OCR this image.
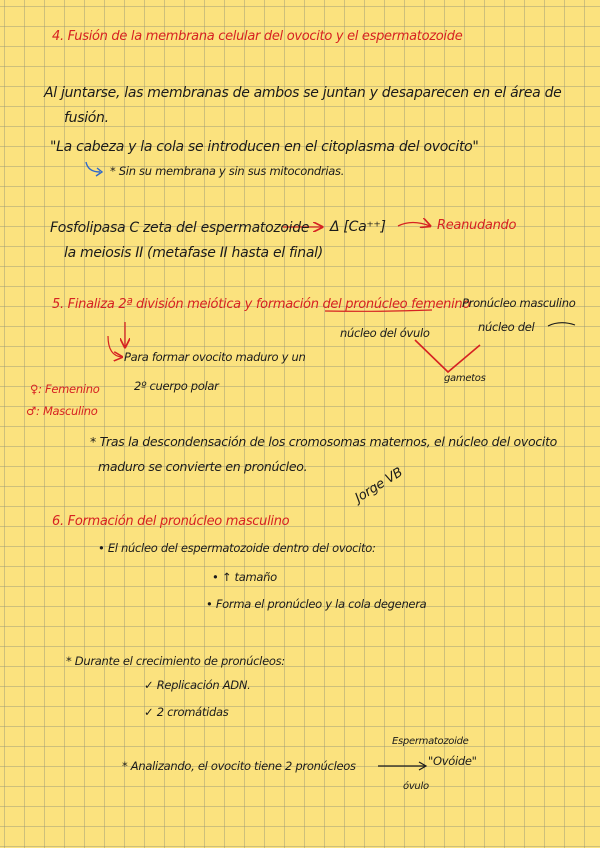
4. Fusión de la membrana celular del ovocito y el espermatozoide
Al juntarse, las membranas de ambos se juntan y desaparecen en el área de
fusión.
"La cabeza y la cola se introducen en el citoplasma del ovocito"
* Sin su membrana y sin sus mitocondrias.
Fosfolipasa C zeta del espermatozoide Δ [Ca⁺⁺]	Reanudando
la meiosis II (metafase II hasta el final)
5. Finaliza 2ª división meiótica y formación del pronúcleo femenino
Pronúcleo masculino
núcleo del
núcleo del óvulo
gametos
Para formar ovocito maduro y un
2º cuerpo polar
♀: Femenino
♂: Masculino
* Tras la descondensación de los cromosomas maternos, el núcleo del ovocito
maduro se convierte en pronúcleo.	Jorge VB
6. Formación del pronúcleo masculino
• El núcleo del espermatozoide dentro del ovocito:
• ↑ tamaño
• Forma el pronúcleo y la cola degenera
* Durante el crecimiento de pronúcleos:
✓ Replicación ADN.
✓ 2 cromátidas
* Analizando, el ovocito tiene 2 pronúcleos
Espermatozoide
"Ovóide"
óvulo
